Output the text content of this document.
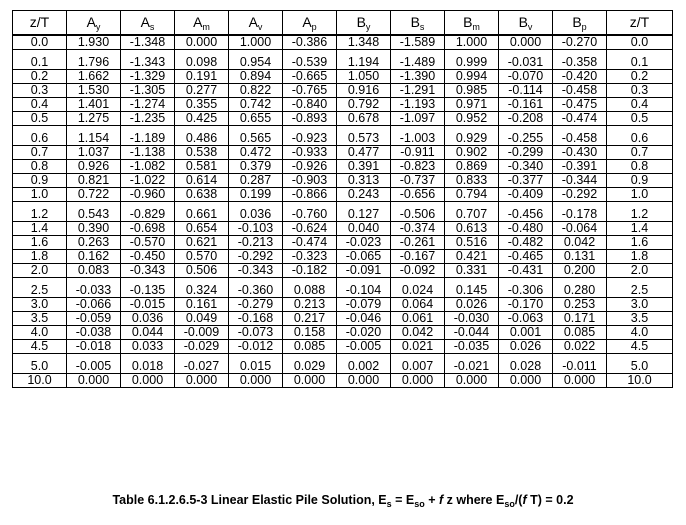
z/T	$A_y$	$A_s$	$A_m$	$A_v$	$A_p$	$B_y$	$B_s$	$B_m$	$B_v$	$B_p$	z/T
0.0	1.930	-1.348	0.000	1.000	-0.386	1.348	-1.589	1.000	0.000	-0.270	0.0

0.1	1.796	-1.343	0.098	0.954	-0.539	1.194	-1.489	0.999	-0.031	-0.358	0.1
0.2	1.662	-1.329	0.191	0.894	-0.665	1.050	-1.390	0.994	-0.070	-0.420	0.2
0.3	1.530	-1.305	0.277	0.822	-0.765	0.916	-1.291	0.985	-0.114	-0.458	0.3
0.4	1.401	-1.274	0.355	0.742	-0.840	0.792	-1.193	0.971	-0.161	-0.475	0.4
0.5	1.275	-1.235	0.425	0.655	-0.893	0.678	-1.097	0.952	-0.208	-0.474	0.5

0.6	1.154	-1.189	0.486	0.565	-0.923	0.573	-1.003	0.929	-0.255	-0.458	0.6
0.7	1.037	-1.138	0.538	0.472	-0.933	0.477	-0.911	0.902	-0.299	-0.430	0.7
0.8	0.926	-1.082	0.581	0.379	-0.926	0.391	-0.823	0.869	-0.340	-0.391	0.8
0.9	0.821	-1.022	0.614	0.287	-0.903	0.313	-0.737	0.833	-0.377	-0.344	0.9
1.0	0.722	-0.960	0.638	0.199	-0.866	0.243	-0.656	0.794	-0.409	-0.292	1.0

1.2	0.543	-0.829	0.661	0.036	-0.760	0.127	-0.506	0.707	-0.456	-0.178	1.2
1.4	0.390	-0.698	0.654	-0.103	-0.624	0.040	-0.374	0.613	-0.480	-0.064	1.4
1.6	0.263	-0.570	0.621	-0.213	-0.474	-0.023	-0.261	0.516	-0.482	0.042	1.6
1.8	0.162	-0.450	0.570	-0.292	-0.323	-0.065	-0.167	0.421	-0.465	0.131	1.8
2.0	0.083	-0.343	0.506	-0.343	-0.182	-0.091	-0.092	0.331	-0.431	0.200	2.0

2.5	-0.033	-0.135	0.324	-0.360	0.088	-0.104	0.024	0.145	-0.306	0.280	2.5
3.0	-0.066	-0.015	0.161	-0.279	0.213	-0.079	0.064	0.026	-0.170	0.253	3.0
3.5	-0.059	0.036	0.049	-0.168	0.217	-0.046	0.061	-0.030	-0.063	0.171	3.5
4.0	-0.038	0.044	-0.009	-0.073	0.158	-0.020	0.042	-0.044	0.001	0.085	4.0
4.5	-0.018	0.033	-0.029	-0.012	0.085	-0.005	0.021	-0.035	0.026	0.022	4.5

5.0	-0.005	0.018	-0.027	0.015	0.029	0.002	0.007	-0.021	0.028	-0.011	5.0
10.0	0.000	0.000	0.000	0.000	0.000	0.000	0.000	0.000	0.000	0.000	10.0
Table 6.1.2.6.5-3 Linear Elastic Pile Solution, $E_s = E_{so} + f$ z where $E_{so}/(f$ T) = 0.2
